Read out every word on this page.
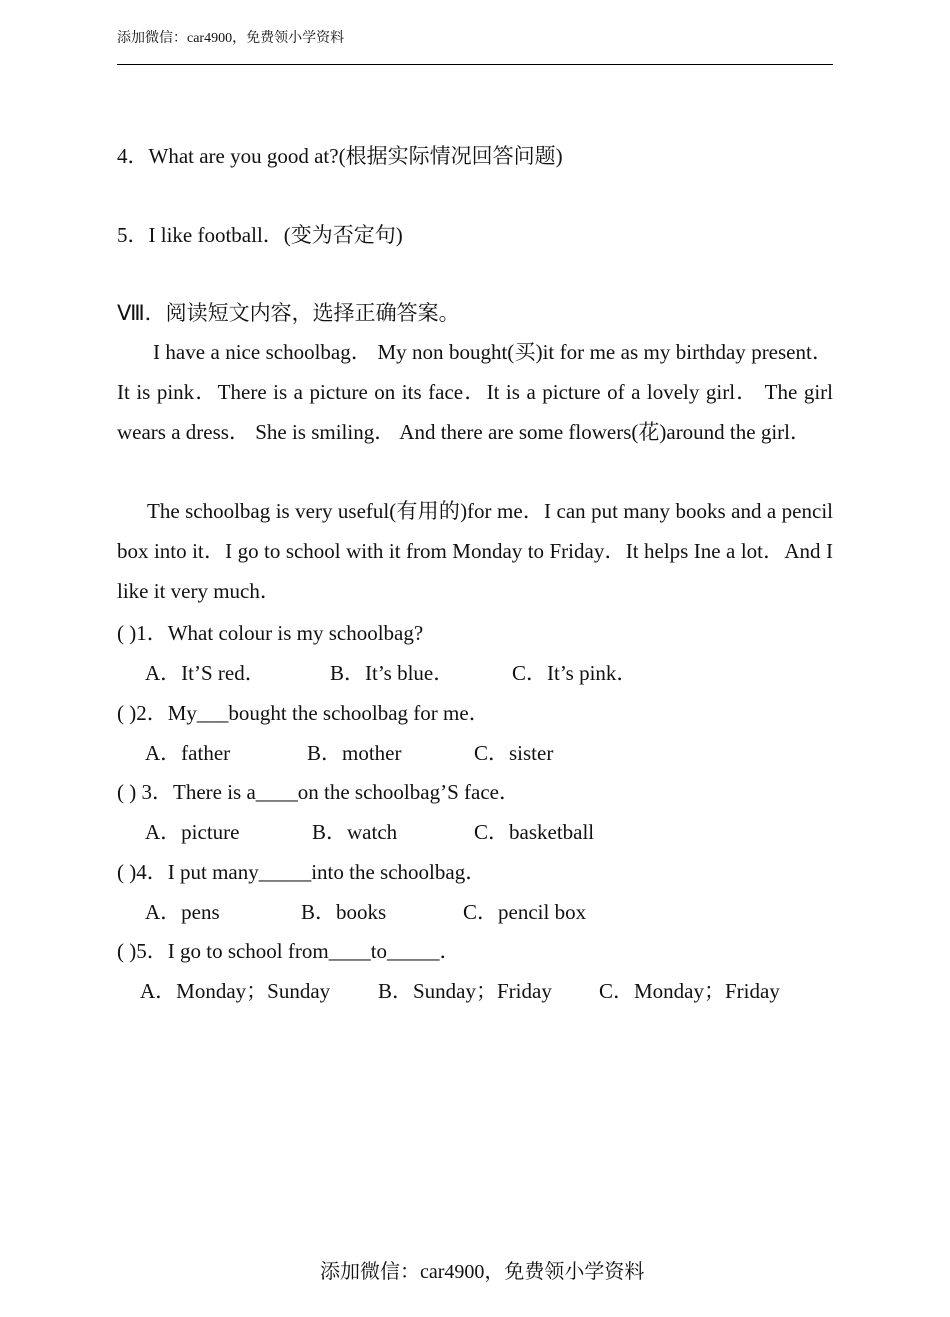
添加微信：car4900，免费领小学资料
4．What are you good at?(根据实际情况回答问题)
5．I like football．(变为否定句)
Ⅷ．阅读短文内容，选择正确答案。
I have a nice schoolbag． My non bought(买)it for me as my birthday present．It is pink．There is a picture on its face．It is a picture of a lovely girl． The girl wears a dress． She is smiling． And there are some flowers(花)around the girl．
The schoolbag is very useful(有用的)for me．I can put many books and a pencil box into it．I go to school with it from Monday to Friday．It helps Ine a lot．And I like it very much．
( )1．What colour is my schoolbag?
A．It’S red．	B．It’s blue．	C．It’s pink．
( )2．My___bought the schoolbag for me．
A．father	B．mother	C．sister
( ) 3．There is a____on the schoolbag’S face．
A．picture	B．watch	C．basketball
( )4．I put many_____into the schoolbag．
A．pens	B．books	C．pencil box
( )5．I go to school from____to_____．
A．Monday；Sunday B．Sunday；Friday C．Monday；Friday
添加微信：car4900，免费领小学资料
